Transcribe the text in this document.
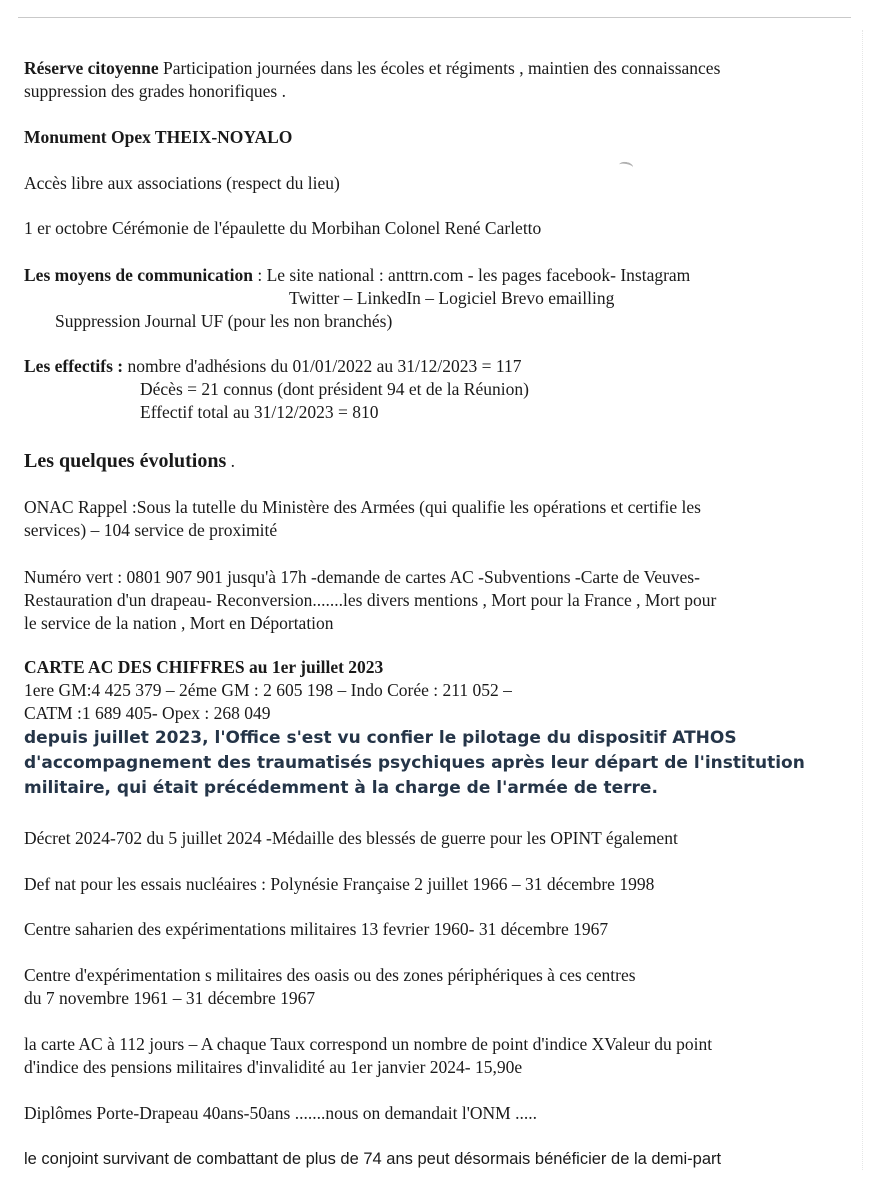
Réserve citoyenne Participation journées dans les écoles et régiments , maintien des connaissances
suppression des grades honorifiques .
Monument Opex THEIX-NOYALO
Accès libre aux associations (respect du lieu)
1 er octobre Cérémonie de l'épaulette du Morbihan Colonel René Carletto
Les moyens de communication : Le site national : anttrn.com - les pages facebook- Instagram
Twitter – LinkedIn – Logiciel Brevo emailling
Suppression Journal UF (pour les non branchés)
Les effectifs : nombre d'adhésions du 01/01/2022 au 31/12/2023 = 117
Décès = 21 connus (dont président 94 et de la Réunion)
Effectif total au 31/12/2023 = 810
Les quelques évolutions .
ONAC Rappel :Sous la tutelle du Ministère des Armées (qui qualifie les opérations et certifie les
services) – 104 service de proximité
Numéro vert : 0801 907 901 jusqu'à 17h -demande de cartes AC -Subventions -Carte de Veuves-
Restauration d'un drapeau- Reconversion.......les divers mentions , Mort pour la France , Mort pour
le service de la nation , Mort en Déportation
CARTE AC DES CHIFFRES au 1er juillet 2023
1ere GM:4 425 379 – 2éme GM : 2 605 198 – Indo Corée : 211 052 –
CATM :1 689 405- Opex : 268 049
depuis juillet 2023, l'Office s'est vu confier le pilotage du dispositif ATHOS
d'accompagnement des traumatisés psychiques après leur départ de l'institution
militaire, qui était précédemment à la charge de l'armée de terre.
Décret 2024-702 du 5 juillet 2024 -Médaille des blessés de guerre pour les OPINT également
Def nat pour les essais nucléaires : Polynésie Française 2 juillet 1966 – 31 décembre 1998
Centre saharien des expérimentations militaires 13 fevrier 1960- 31 décembre 1967
Centre d'expérimentation s militaires des oasis ou des zones périphériques à ces centres
du 7 novembre 1961 – 31 décembre 1967
la carte AC à 112 jours – A chaque Taux correspond un nombre de point d'indice XValeur du point
d'indice des pensions militaires d'invalidité au 1er janvier 2024- 15,90e
Diplômes Porte-Drapeau 40ans-50ans .......nous on demandait l'ONM .....
le conjoint survivant de combattant de plus de 74 ans peut désormais bénéficier de la demi-part
